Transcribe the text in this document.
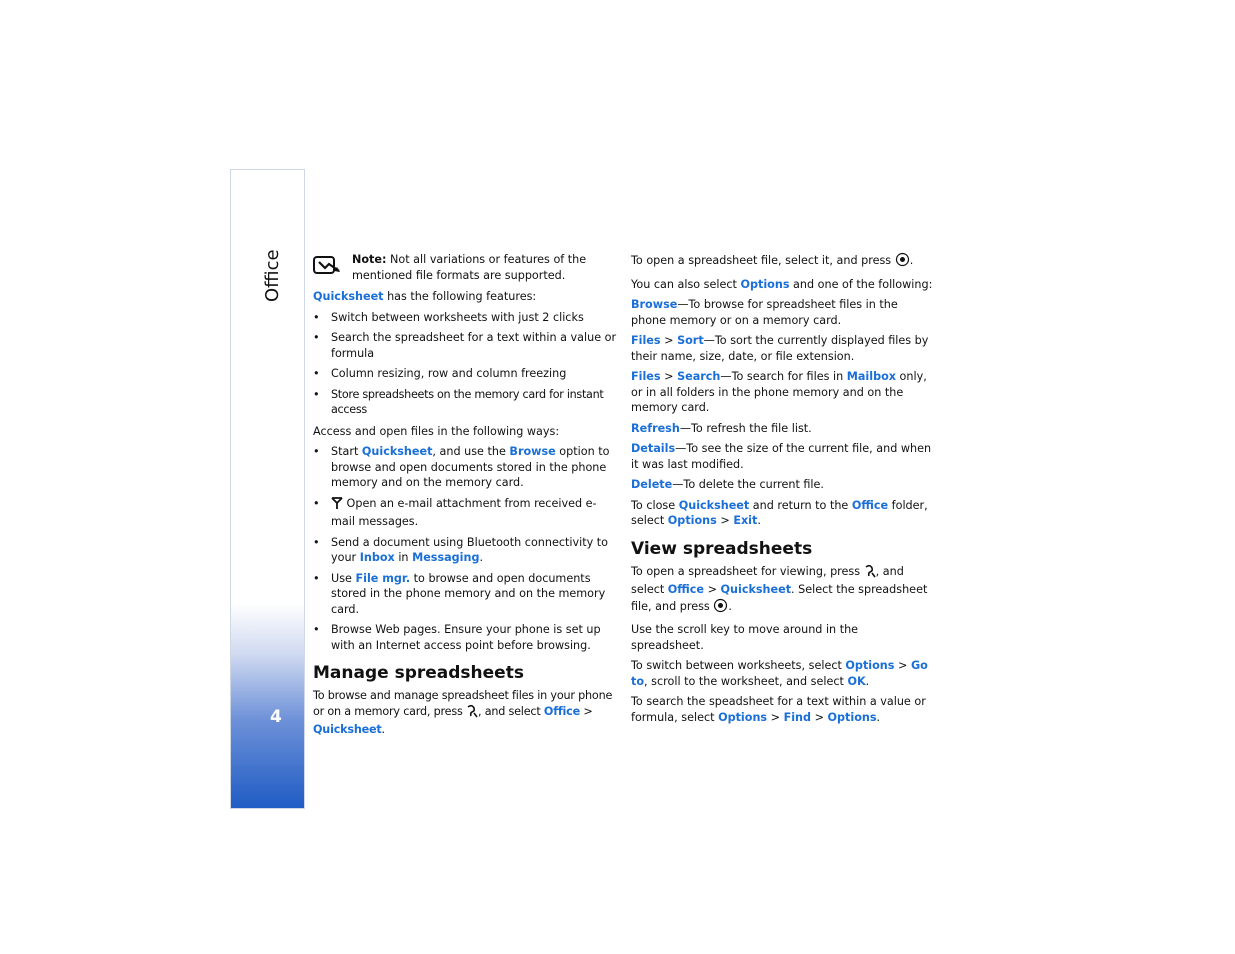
Office
4
Note: Not all variations or features of the mentioned file formats are supported.

Quicksheet has the following features:

• Switch between worksheets with just 2 clicks
• Search the spreadsheet for a text within a value or formula
• Column resizing, row and column freezing
• Store spreadsheets on the memory card for instant access

Access and open files in the following ways:

• Start Quicksheet, and use the Browse option to browse and open documents stored in the phone memory and on the memory card.
• Open an e-mail attachment from received e-mail messages.
• Send a document using Bluetooth connectivity to your Inbox in Messaging.
• Use File mgr. to browse and open documents stored in the phone memory and on the memory card.
• Browse Web pages. Ensure your phone is set up with an Internet access point before browsing.
Manage spreadsheets

To browse and manage spreadsheet files in your phone or on a memory card, press , and select Office > Quicksheet.

To open a spreadsheet file, select it, and press .

You can also select Options and one of the following:

Browse—To browse for spreadsheet files in the phone memory or on a memory card.

Files > Sort—To sort the currently displayed files by their name, size, date, or file extension.

Files > Search—To search for files in Mailbox only, or in all folders in the phone memory and on the memory card.

Refresh—To refresh the file list.

Details—To see the size of the current file, and when it was last modified.

Delete—To delete the current file.

To close Quicksheet and return to the Office folder, select Options > Exit.

View spreadsheets

To open a spreadsheet for viewing, press , and select Office > Quicksheet. Select the spreadsheet file, and press .

Use the scroll key to move around in the spreadsheet.

To switch between worksheets, select Options > Go to, scroll to the worksheet, and select OK.

To search the speadsheet for a text within a value or formula, select Options > Find > Options.
